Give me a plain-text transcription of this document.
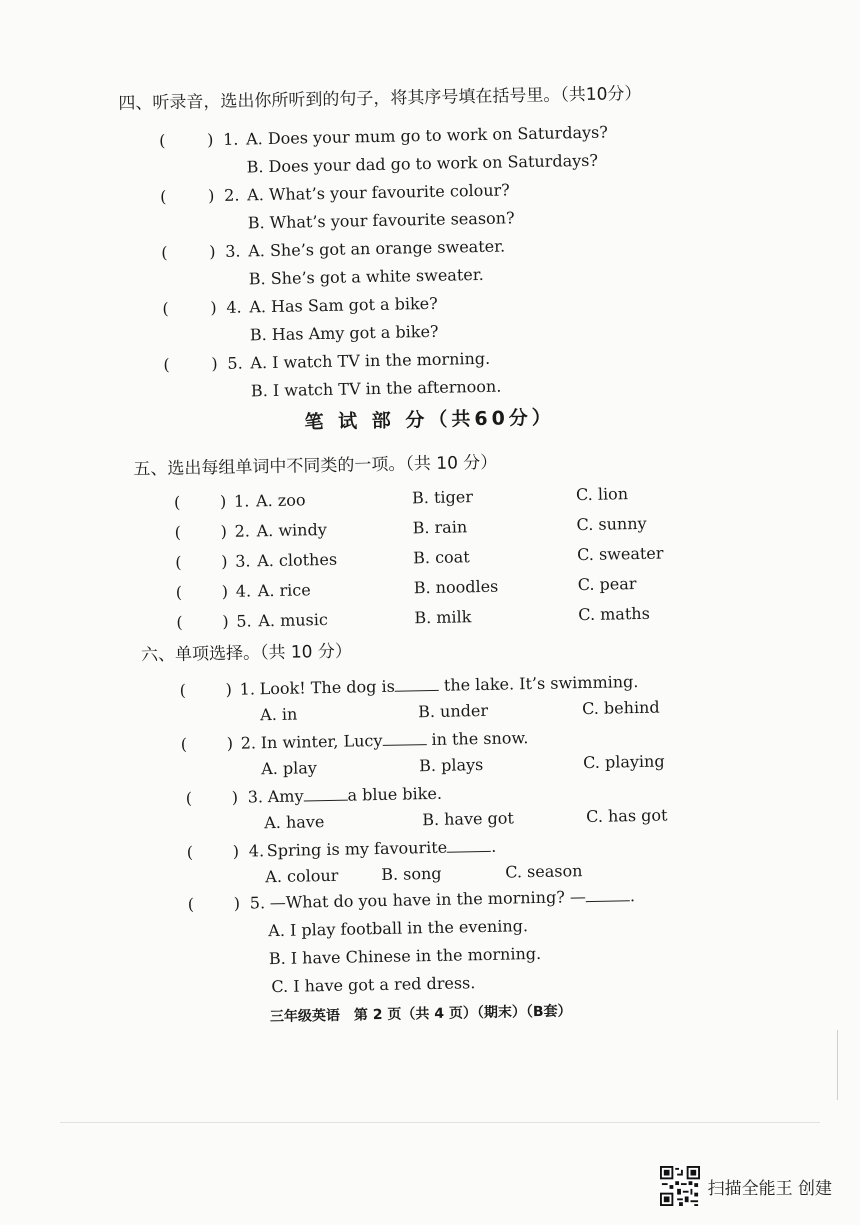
四、听录音，选出你所听到的句子，将其序号填在括号里。（共10分）
(	) 1. A. Does your mum go to work on Saturdays?
B. Does your dad go to work on Saturdays?
(	) 2. A. What’s your favourite colour?
B. What’s your favourite season?
(	) 3. A. She’s got an orange sweater.
B. She’s got a white sweater.
(	) 4. A. Has Sam got a bike?
B. Has Amy got a bike?
(	) 5. A. I watch TV in the morning.
B. I watch TV in the afternoon.
笔 试 部 分（共60分）
五、选出每组单词中不同类的一项。（共 10 分）
( ) 1. A. zoo	B. tiger	C. lion
( ) 2. A. windy	B. rain	C. sunny
( ) 3. A. clothes	B. coat	C. sweater
( ) 4. A. rice	B. noodles	C. pear
( ) 5. A. music	B. milk	C. maths
六、单项选择。（共 10 分）
( ) 1. Look! The dog is	the lake. It’s swimming.
A. in	B. under	C. behind
( ) 2. In winter, Lucy	in the snow.
A. play	B. plays	C. playing
( ) 3. Amy	a blue bike.
A. have	B. have got	C. has got
( ) 4. Spring is my favourite	.
A. colour	B. song	C. season
( ) 5. —What do you have in the morning? —	.
A. I play football in the evening.
B. I have Chinese in the morning.
C. I have got a red dress.
三年级英语　第 2 页（共 4 页）（期末）（B套）
扫描全能王 创建
